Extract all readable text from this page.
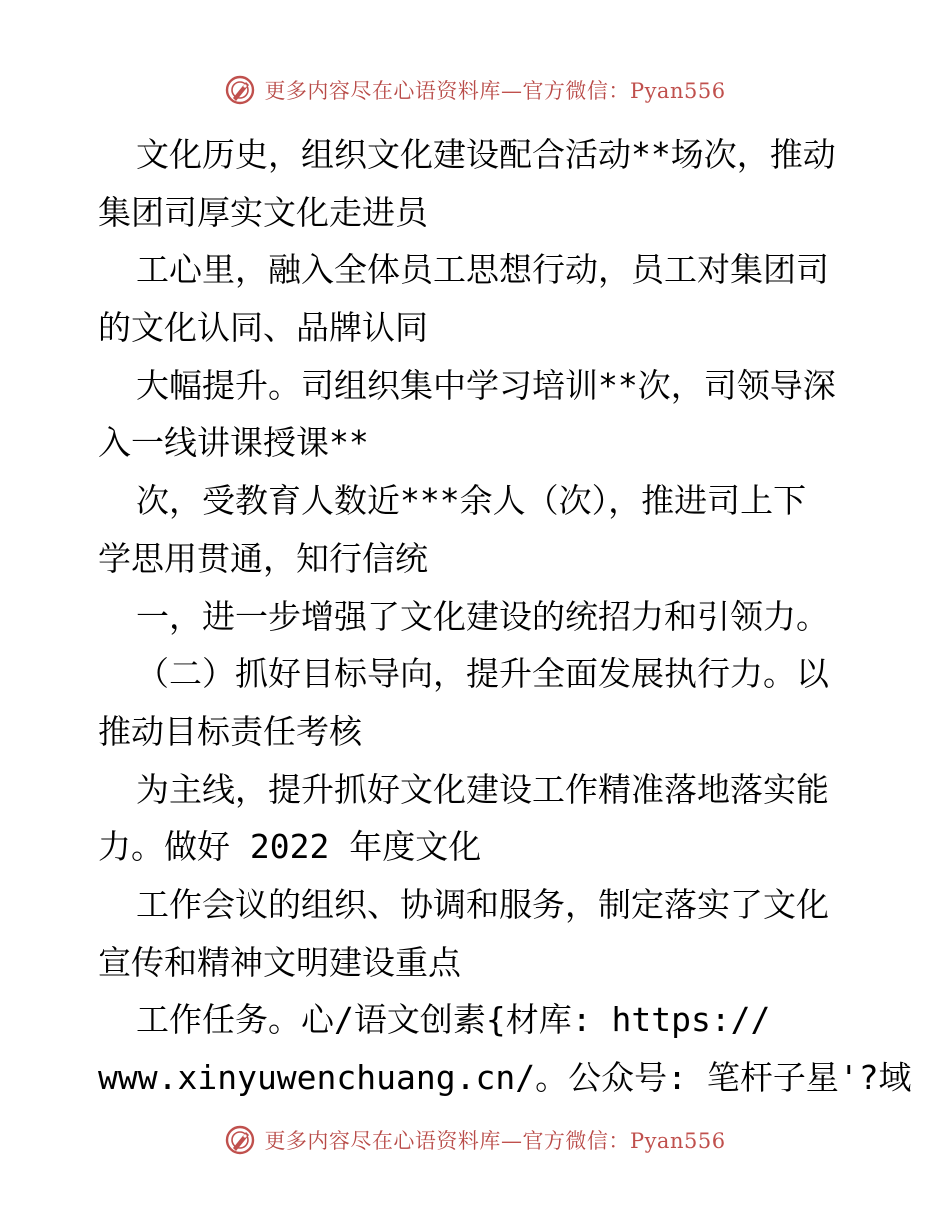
更多内容尽在心语资料库—官方微信：Pyan556
文化历史，组织文化建设配合活动**场次，推动
集团司厚实文化走进员
工心里，融入全体员工思想行动，员工对集团司
的文化认同、品牌认同
大幅提升。司组织集中学习培训**次，司领导深
入一线讲课授课**
次，受教育人数近***余人（次），推进司上下
学思用贯通，知行信统
一，进一步增强了文化建设的统招力和引领力。
（二）抓好目标导向，提升全面发展执行力。以
推动目标责任考核
为主线，提升抓好文化建设工作精准落地落实能
力。做好 2022 年度文化
工作会议的组织、协调和服务，制定落实了文化
宣传和精神文明建设重点
工作任务。心/语文创素{材库: https://
www.xinyuwenchuang.cn/。公众号: 笔杆子星'?域
更多内容尽在心语资料库—官方微信：Pyan556
